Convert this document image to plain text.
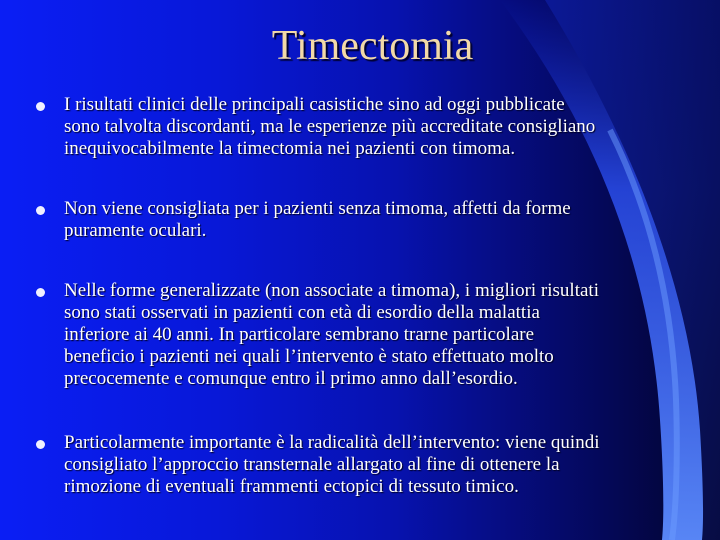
Timectomia
I risultati clinici delle principali casistiche sino ad oggi pubblicate
sono talvolta discordanti, ma le esperienze più accreditate consigliano
inequivocabilmente la timectomia nei pazienti con timoma.
Non viene consigliata per i pazienti senza timoma, affetti da forme
puramente oculari.
Nelle forme generalizzate (non associate a timoma), i migliori risultati
sono stati osservati in pazienti con età di esordio della malattia
inferiore ai 40 anni. In particolare sembrano trarne particolare
beneficio i pazienti nei quali l’intervento è stato effettuato molto
precocemente e comunque entro il primo anno dall’esordio.
Particolarmente importante è la radicalità dell’intervento: viene quindi
consigliato l’approccio transternale allargato al fine di ottenere la
rimozione di eventuali frammenti ectopici di tessuto timico.
